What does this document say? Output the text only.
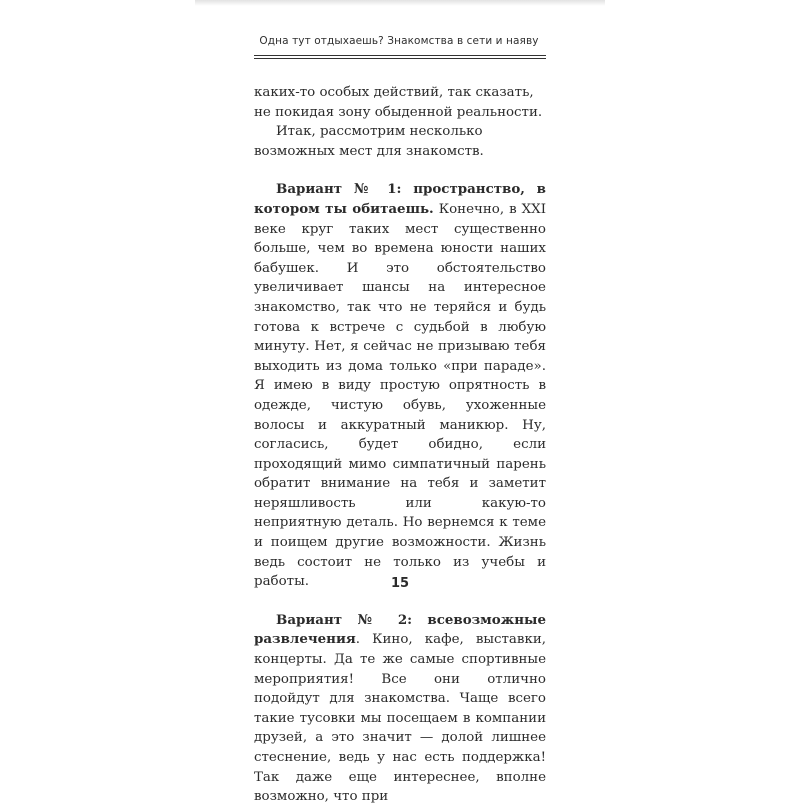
Одна тут отдыхаешь? Знакомства в сети и наяву

каких-то особых действий, так сказать, не покидая зону обыденной реальности.

Итак, рассмотрим несколько возможных мест для знакомств.

Вариант № 1: пространство, в котором ты обитаешь. Конечно, в XXI веке круг таких мест существенно больше, чем во времена юности наших бабушек. И это обстоятельство увеличивает шансы на интересное знакомство, так что не теряйся и будь готова к встрече с судьбой в любую минуту. Нет, я сейчас не призываю тебя выходить из дома только «при параде». Я имею в виду простую опрятность в одежде, чистую обувь, ухоженные волосы и аккуратный маникюр. Ну, согласись, будет обидно, если проходящий мимо симпатичный парень обратит внимание на тебя и заметит неряшливость или какую-то неприятную деталь. Но вернемся к теме и поищем другие возможности. Жизнь ведь состоит не только из учебы и работы.

Вариант № 2: всевозможные развлечения. Кино, кафе, выставки, концерты. Да те же самые спортивные мероприятия! Все они отлично подойдут для знакомства. Чаще всего такие тусовки мы посещаем в компании друзей, а это значит — долой лишнее стеснение, ведь у нас есть поддержка! Так даже еще интереснее, вполне возможно, что при

15
